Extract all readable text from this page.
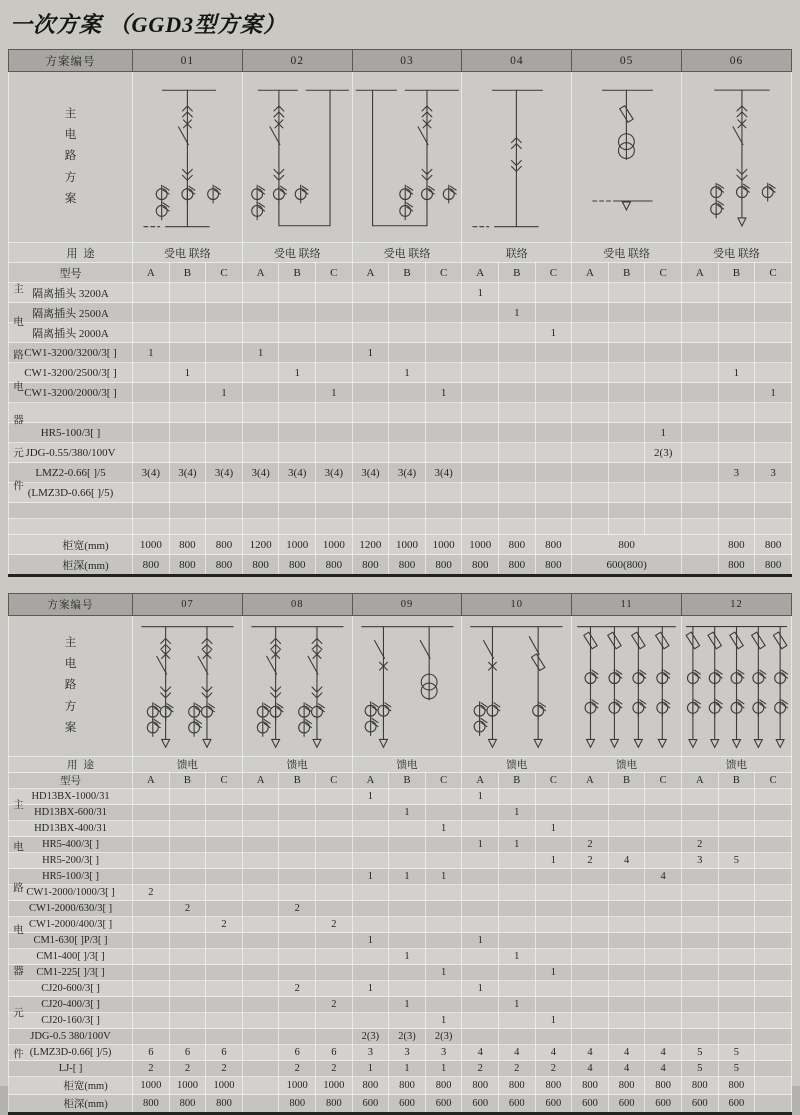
一次方案 （GGD3型方案）
方案编号	01			02			03			04			05			06		

主
电
路
方
案

用途	受电 联络			受电 联络			受电 联络			联络			受电 联络			受电 联络		
型号	A	B	C	A	B	C	A	B	C	A	B	C	A	B	C	A	B	C
隔离插头 3200A										1								
隔离插头 2500A											1							
隔离插头 2000A												1						
CW1-3200/3200/3[ ]	1			1			1											
CW1-3200/2500/3[ ]		1			1			1									1	
CW1-3200/2000/3[ ]			1			1			1									1

HR5-100/3[ ]															1			
JDG-0.55/380/100V															2(3)			
LMZ2-0.66[ ]/5	3(4)	3(4)	3(4)	3(4)	3(4)	3(4)	3(4)	3(4)	3(4)								3	3
(LMZ3D-0.66[ ]/5)																		

柜宽(mm)	1000	800	800	1200	1000	1000	1200	1000	1000	1000	800	800	800				800	800
柜深(mm)	800	800	800	800	800	800	800	800	800	800	800	800	600(800)				800	800
主
电
路
电
器
元
件
方案编号	07			08			09			10			11			12		

主
电
路
方
案

用途	馈电			馈电			馈电			馈电			馈电			馈电		
型号	A	B	C	A	B	C	A	B	C	A	B	C	A	B	C	A	B	C
HD13BX-1000/31							1			1								
HD13BX-600/31								1			1							
HD13BX-400/31									1			1						
HR5-400/3[ ]										1	1		2			2		
HR5-200/3[ ]												1	2	4		3	5	
HR5-100/3[ ]							1	1	1						4			
CW1-2000/1000/3[ ]	2																	
CW1-2000/630/3[ ]		2			2													
CW1-2000/400/3[ ]			2			2												
CM1-630[ ]P/3[ ]							1			1								
CM1-400[ ]/3[ ]								1			1							
CM1-225[ ]/3[ ]									1			1						
CJ20-600/3[ ]					2		1			1								
CJ20-400/3[ ]						2		1			1							
CJ20-160/3[ ]									1			1						
JDG-0.5 380/100V							2(3)	2(3)	2(3)									
(LMZ3D-0.66[ ]/5)	6	6	6		6	6	3	3	3	4	4	4	4	4	4	5	5	
LJ-[ ]	2	2	2		2	2	1	1	1	2	2	2	4	4	4	5	5	
柜宽(mm)	1000	1000	1000		1000	1000	800	800	800	800	800	800	800	800	800	800	800	
柜深(mm)	800	800	800		800	800	600	600	600	600	600	600	600	600	600	600	600	
主
电
路
电
器
元
件
